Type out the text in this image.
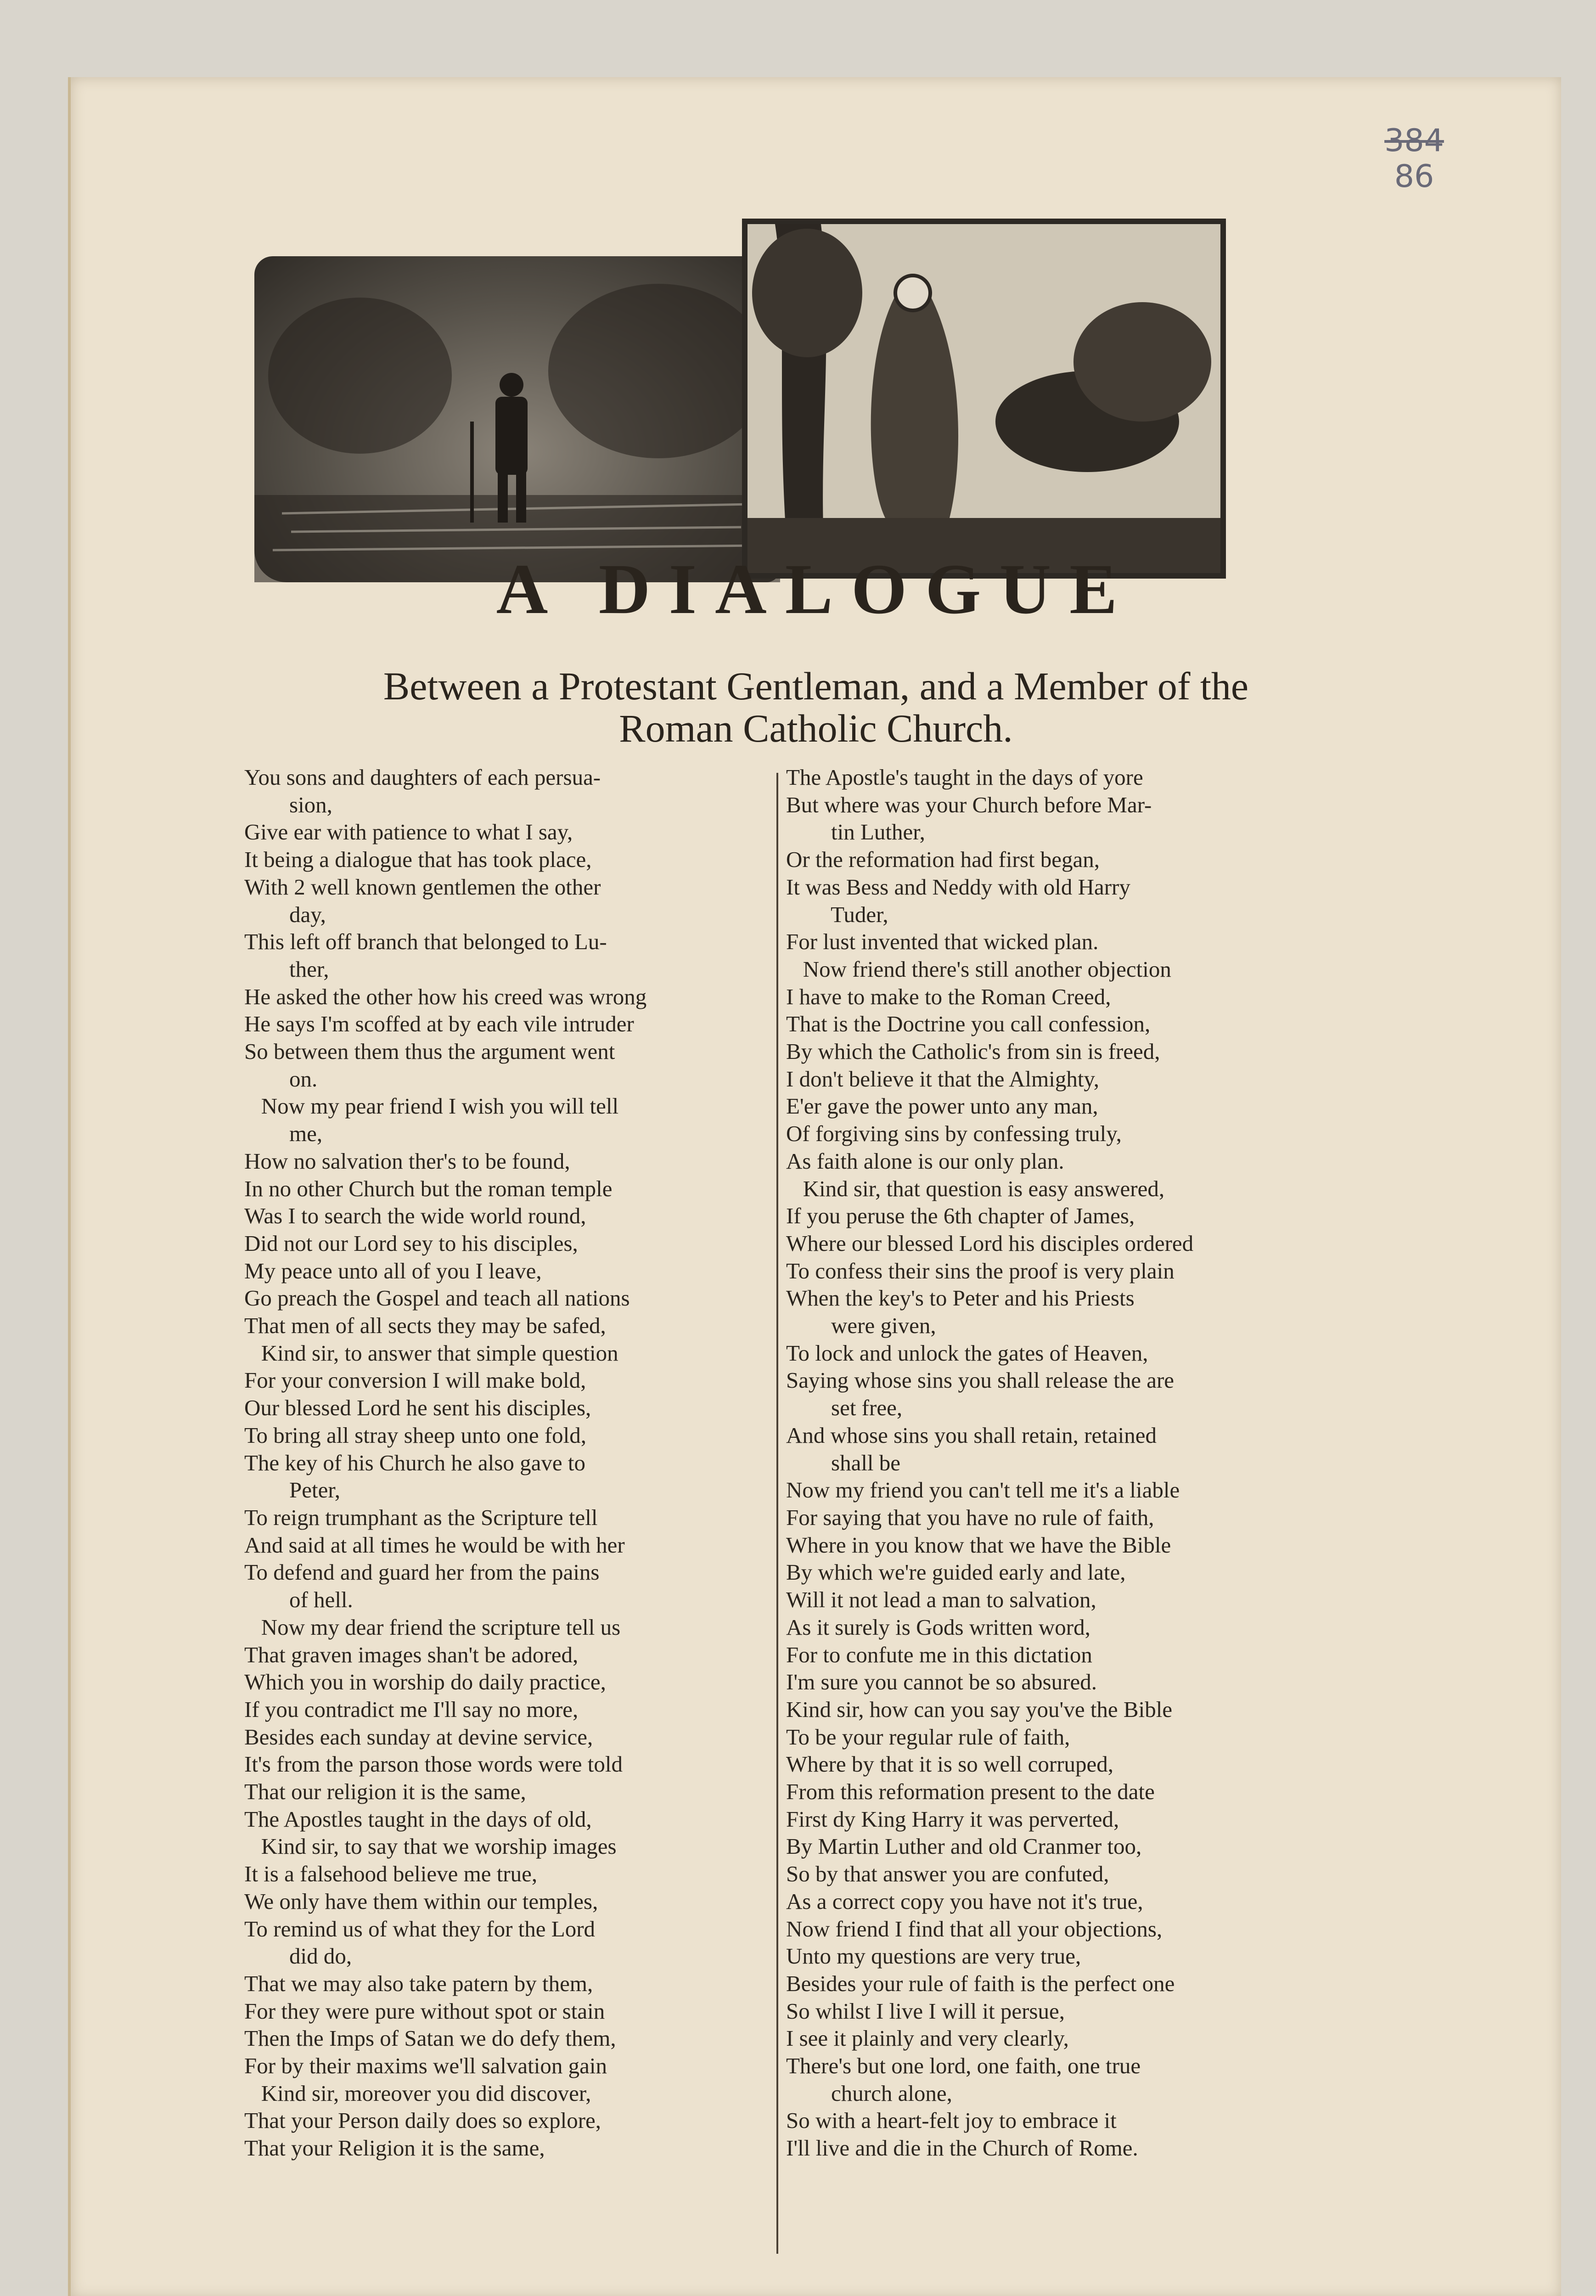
384
86
A DIALOGUE
Between a Protestant Gentleman, and a Member of the
Roman Catholic Church.
You sons and daughters of each persua-
sion,
Give ear with patience to what I say,
It being a dialogue that has took place,
With 2 well known gentlemen the other
day,
This left off branch that belonged to Lu-
ther,
He asked the other how his creed was wrong
He says I'm scoffed at by each vile intruder
So between them thus the argument went
on.
Now my pear friend I wish you will tell
me,
How no salvation ther's to be found,
In no other Church but the roman temple
Was I to search the wide world round,
Did not our Lord sey to his disciples,
My peace unto all of you I leave,
Go preach the Gospel and teach all nations
That men of all sects they may be safed,
Kind sir, to answer that simple question
For your conversion I will make bold,
Our blessed Lord he sent his disciples,
To bring all stray sheep unto one fold,
The key of his Church he also gave to
Peter,
To reign trumphant as the Scripture tell
And said at all times he would be with her
To defend and guard her from the pains
of hell.
Now my dear friend the scripture tell us
That graven images shan't be adored,
Which you in worship do daily practice,
If you contradict me I'll say no more,
Besides each sunday at devine service,
It's from the parson those words were told
That our religion it is the same,
The Apostles taught in the days of old,
Kind sir, to say that we worship images
It is a falsehood believe me true,
We only have them within our temples,
To remind us of what they for the Lord
did do,
That we may also take patern by them,
For they were pure without spot or stain
Then the Imps of Satan we do defy them,
For by their maxims we'll salvation gain
Kind sir, moreover you did discover,
That your Person daily does so explore,
That your Religion it is the same,
The Apostle's taught in the days of yore
But where was your Church before Mar-
tin Luther,
Or the reformation had first began,
It was Bess and Neddy with old Harry
Tuder,
For lust invented that wicked plan.
Now friend there's still another objection
I have to make to the Roman Creed,
That is the Doctrine you call confession,
By which the Catholic's from sin is freed,
I don't believe it that the Almighty,
E'er gave the power unto any man,
Of forgiving sins by confessing truly,
As faith alone is our only plan.
Kind sir, that question is easy answered,
If you peruse the 6th chapter of James,
Where our blessed Lord his disciples ordered
To confess their sins the proof is very plain
When the key's to Peter and his Priests
were given,
To lock and unlock the gates of Heaven,
Saying whose sins you shall release the are
set free,
And whose sins you shall retain, retained
shall be
Now my friend you can't tell me it's a liable
For saying that you have no rule of faith,
Where in you know that we have the Bible
By which we're guided early and late,
Will it not lead a man to salvation,
As it surely is Gods written word,
For to confute me in this dictation
I'm sure you cannot be so absured.
Kind sir, how can you say you've the Bible
To be your regular rule of faith,
Where by that it is so well corruped,
From this reformation present to the date
First dy King Harry it was perverted,
By Martin Luther and old Cranmer too,
So by that answer you are confuted,
As a correct copy you have not it's true,
Now friend I find that all your objections,
Unto my questions are very true,
Besides your rule of faith is the perfect one
So whilst I live I will it persue,
I see it plainly and very clearly,
There's but one lord, one faith, one true
church alone,
So with a heart-felt joy to embrace it
I'll live and die in the Church of Rome.
